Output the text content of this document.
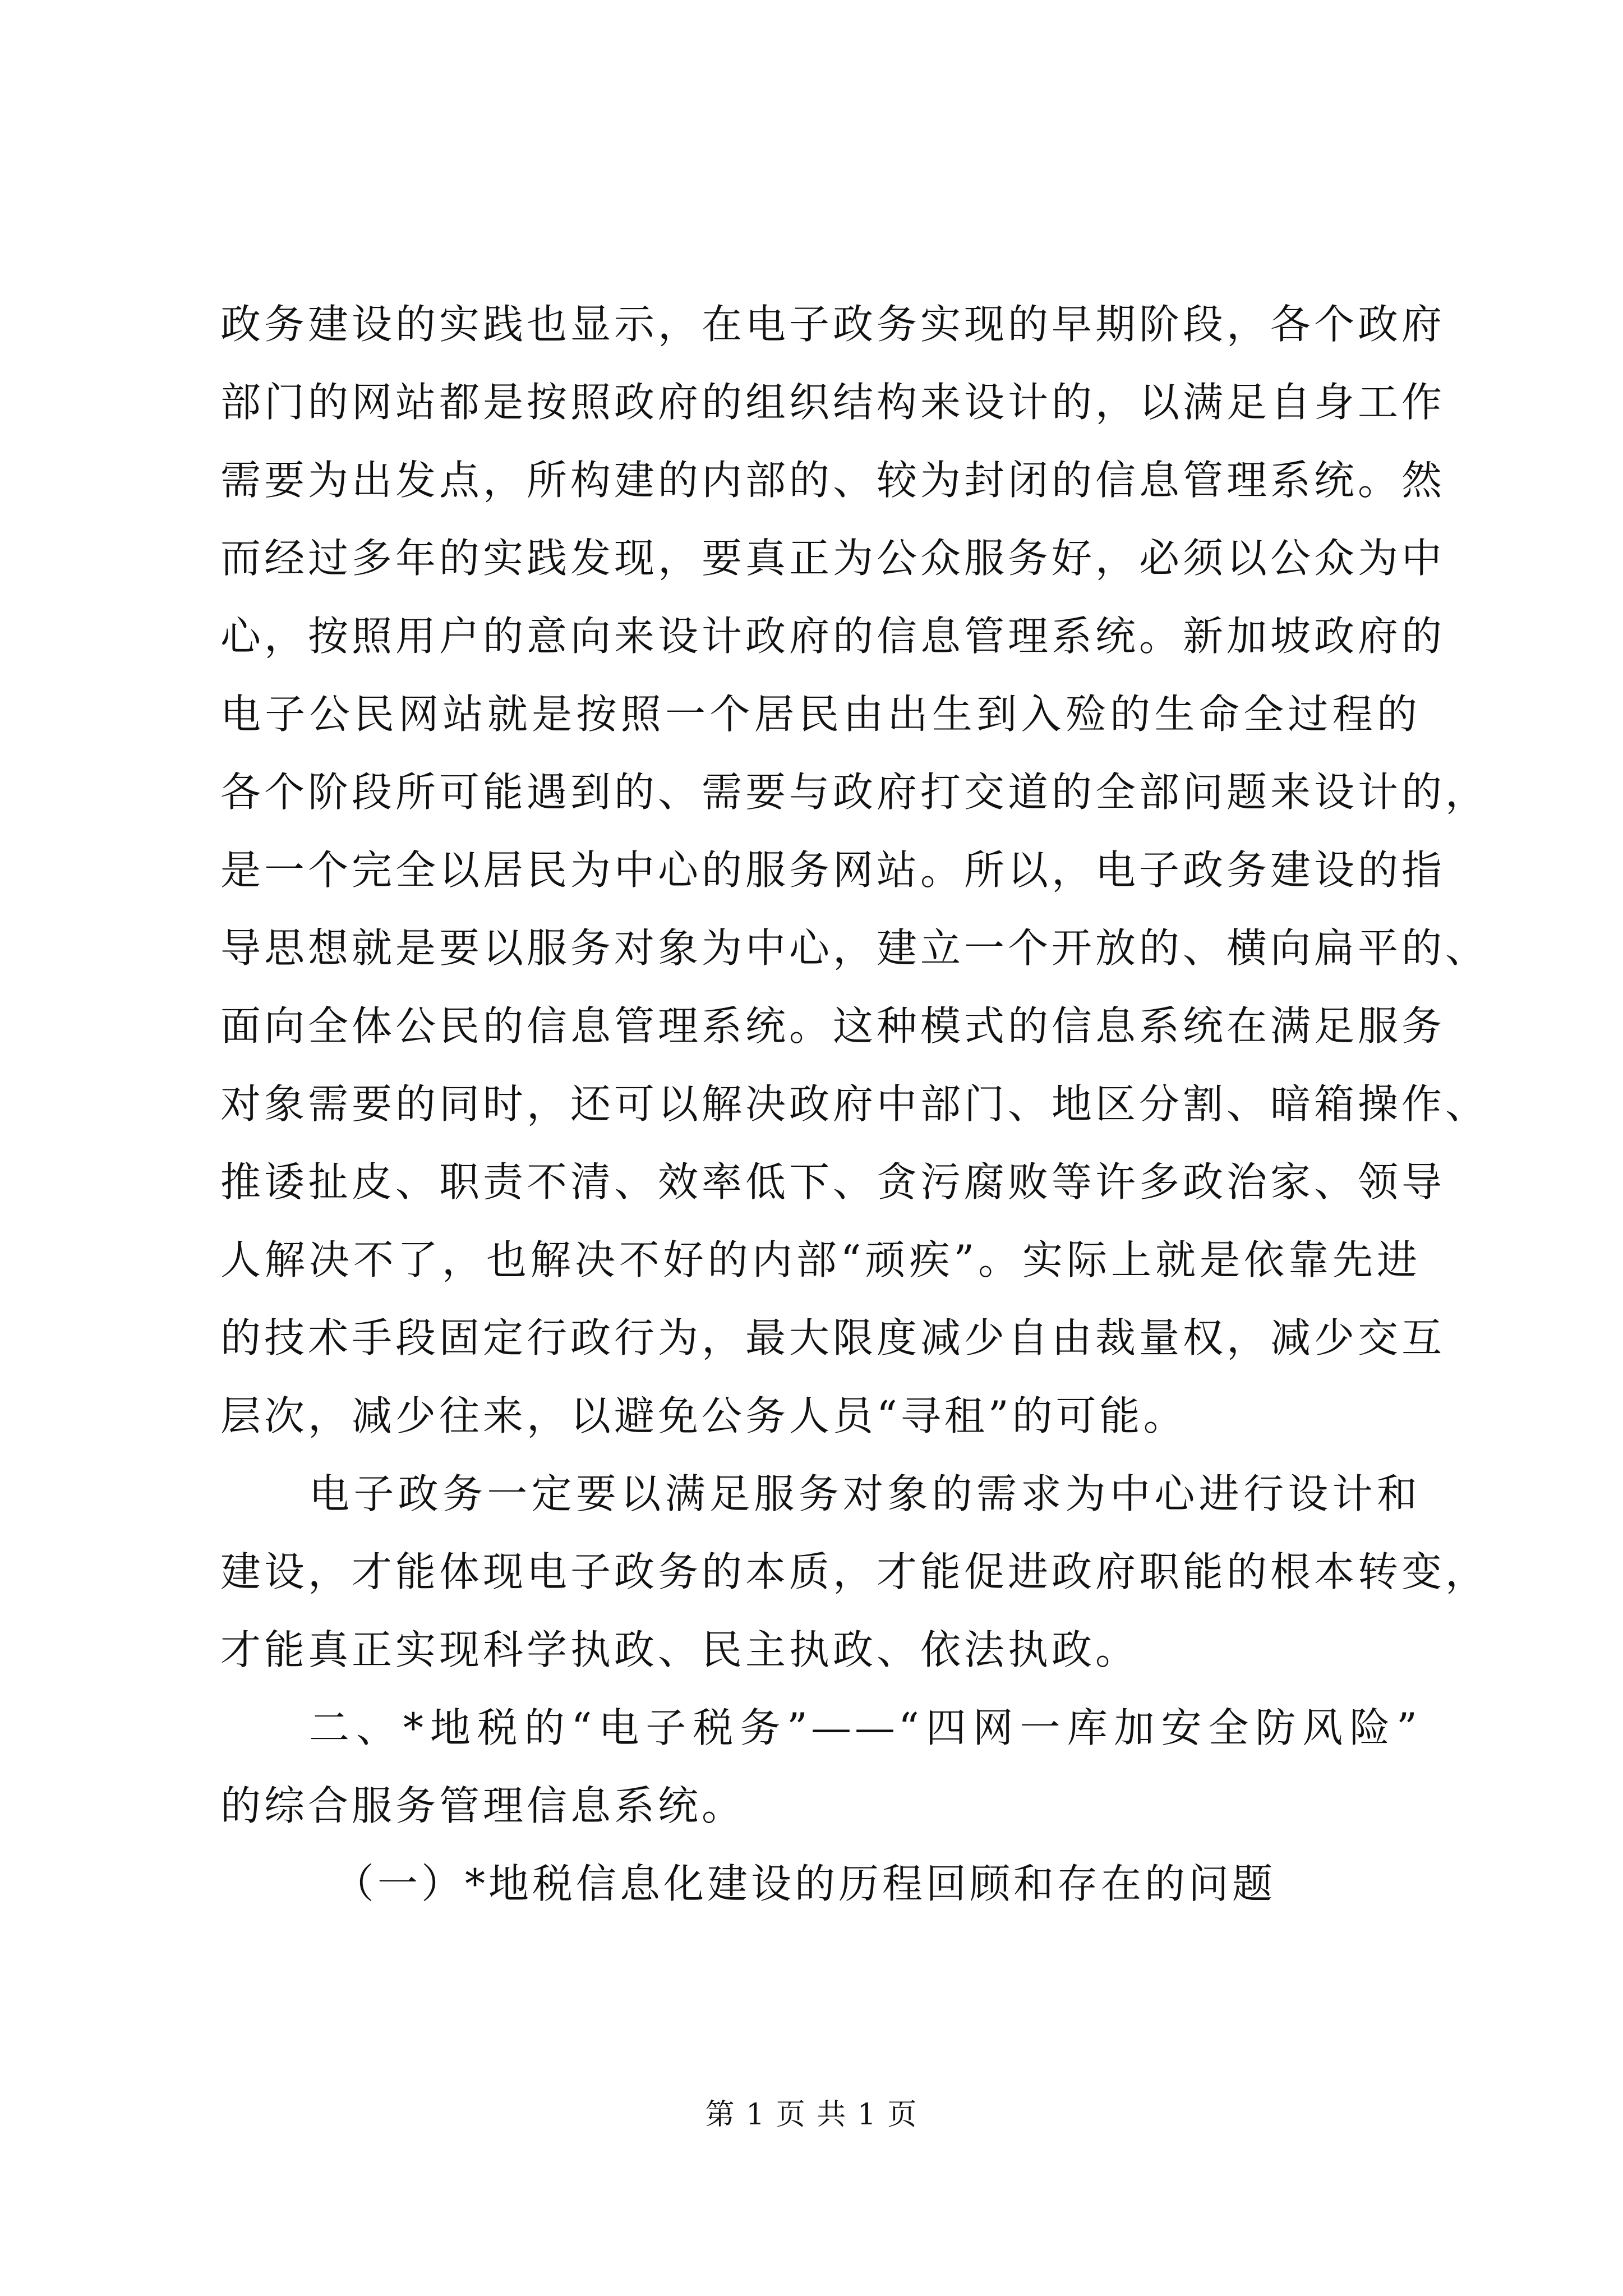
政务建设的实践也显示，在电子政务实现的早期阶段，各个政府
部门的网站都是按照政府的组织结构来设计的，以满足自身工作
需要为出发点，所构建的内部的、较为封闭的信息管理系统。然
而经过多年的实践发现，要真正为公众服务好，必须以公众为中
心，按照用户的意向来设计政府的信息管理系统。新加坡政府的
电子公民网站就是按照一个居民由出生到入殓的生命全过程的
各个阶段所可能遇到的、需要与政府打交道的全部问题来设计的，
是一个完全以居民为中心的服务网站。所以，电子政务建设的指
导思想就是要以服务对象为中心，建立一个开放的、横向扁平的、
面向全体公民的信息管理系统。这种模式的信息系统在满足服务
对象需要的同时，还可以解决政府中部门、地区分割、暗箱操作、
推诿扯皮、职责不清、效率低下、贪污腐败等许多政治家、领导
人解决不了，也解决不好的内部“顽疾”。实际上就是依靠先进
的技术手段固定行政行为，最大限度减少自由裁量权，减少交互
层次，减少往来，以避免公务人员“寻租”的可能。
电子政务一定要以满足服务对象的需求为中心进行设计和
建设，才能体现电子政务的本质，才能促进政府职能的根本转变，
才能真正实现科学执政、民主执政、依法执政。
二、*地税的“电子税务”——“四网一库加安全防风险”
的综合服务管理信息系统。
（一）*地税信息化建设的历程回顾和存在的问题
第 1 页 共 1 页
